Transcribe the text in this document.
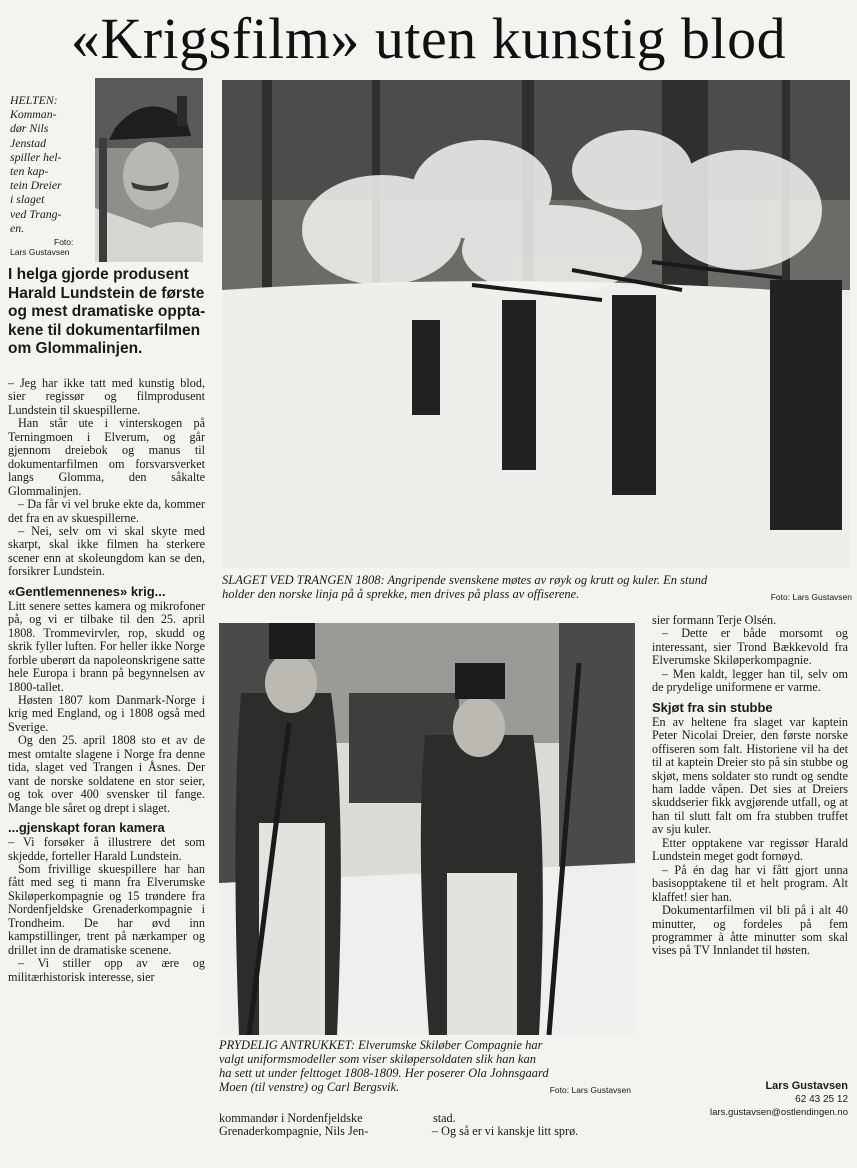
«Krigsfilm» uten kunstig blod
HELTEN:
Komman-
dør Nils
Jenstad
spiller hel-
ten kap-
tein Dreier
i slaget
ved Trang-
en.
Foto:
Lars Gustavsen
SLAGET VED TRANGEN 1808: Angripende svenskene møtes av røyk og krutt og kuler. En stund
holder den norske linja på å sprekke, men drives på plass av offiserene.	Foto: Lars Gustavsen
PRYDELIG ANTRUKKET: Elverumske Skiløber Compagnie har
valgt uniformsmodeller som viser skiløpersoldaten slik han kan
ha sett ut under felttoget 1808-1809. Her poserer Ola Johnsgaard
Moen (til venstre) og Carl Bergsvik.	Foto: Lars Gustavsen
I helga gjorde produsent
Harald Lundstein de første
og mest dramatiske oppta-
kene til dokumentarfilmen
om Glommalinjen.

– Jeg har ikke tatt med kunstig blod, sier regissør og filmprodusent Lundstein til skuespillerne.

Han står ute i vinterskogen på Terningmoen i Elverum, og går gjennom dreiebok og manus til dokumentarfilmen om forsvarsverket langs Glomma, den såkalte Glommalinjen.

– Da får vi vel bruke ekte da, kommer det fra en av skuespillerne.

– Nei, selv om vi skal skyte med skarpt, skal ikke filmen ha sterkere scener enn at skoleungdom kan se den, forsikrer Lundstein.

«Gentlemennenes» krig...

Litt senere settes kamera og mikrofoner på, og vi er tilbake til den 25. april 1808. Trommevirvler, rop, skudd og skrik fyller luften. For heller ikke Norge forble uberørt da napoleonskrigene satte hele Europa i brann på begynnelsen av 1800-tallet.

Høsten 1807 kom Danmark-Norge i krig med England, og i 1808 også med Sverige.

Og den 25. april 1808 sto et av de mest omtalte slagene i Norge fra denne tida, slaget ved Trangen i Åsnes. Der vant de norske soldatene en stor seier, og tok over 400 svensker til fange. Mange ble såret og drept i slaget.

...gjenskapt foran kamera

– Vi forsøker å illustrere det som skjedde, forteller Harald Lundstein.

Som frivillige skuespillere har han fått med seg ti mann fra Elverumske Skiløperkompagnie og 15 trøndere fra Nordenfjeldske Grenaderkompagnie i Trondheim. De har øvd inn kampstillinger, trent på nærkamper og drillet inn de dramatiske scenene.

– Vi stiller opp av ære og militærhistorisk interesse, sier

stad.
kommandør i Nordenfjeldske
Grenaderkompagnie, Nils Jen-	– Og så er vi kanskje litt sprø.

sier formann Terje Olsén.

– Dette er både morsomt og interessant, sier Trond Bækkevold fra Elverumske Skiløperkompagnie.

– Men kaldt, legger han til, selv om de prydelige uniformene er varme.

Skjøt fra sin stubbe

En av heltene fra slaget var kaptein Peter Nicolai Dreier, den første norske offiseren som falt. Historiene vil ha det til at kaptein Dreier sto på sin stubbe og skjøt, mens soldater sto rundt og sendte ham ladde våpen. Det sies at Dreiers skuddserier fikk avgjørende utfall, og at han til slutt falt om fra stubben truffet av sju kuler.

Etter opptakene var regissør Harald Lundstein meget godt fornøyd.

– På én dag har vi fått gjort unna basisopptakene til et helt program. Alt klaffet! sier han.

Dokumentarfilmen vil bli på i alt 40 minutter, og fordeles på fem programmer à åtte minutter som skal vises på TV Innlandet til høsten.

Lars Gustavsen
62 43 25 12
lars.gustavsen@ostlendingen.no
